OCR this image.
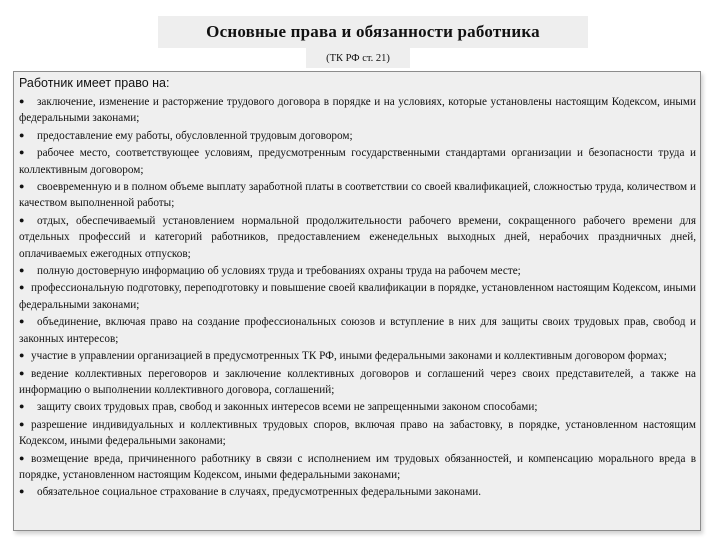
Основные права и обязанности работника
(ТК РФ ст. 21)
Работник имеет право на:
● заключение, изменение и расторжение трудового договора в порядке и на условиях, которые установлены настоящим Кодексом, иными федеральными законами;
● предоставление ему работы, обусловленной трудовым договором;
● рабочее место, соответствующее условиям, предусмотренным государственными стандартами организации и безопасности труда и коллективным договором;
● своевременную и в полном объеме выплату заработной платы в соответствии со своей квалификацией, сложностью труда, количеством и качеством выполненной работы;
● отдых, обеспечиваемый установлением нормальной продолжительности рабочего времени, сокращенного рабочего времени для отдельных профессий и категорий работников, предоставлением еженедельных выходных дней, нерабочих праздничных дней, оплачиваемых ежегодных отпусков;
● полную достоверную информацию об условиях труда и требованиях охраны труда на рабочем месте;
● профессиональную подготовку, переподготовку и повышение своей квалификации в порядке, установленном настоящим Кодексом, иными федеральными законами;
● объединение, включая право на создание профессиональных союзов и вступление в них для защиты своих трудовых прав, свобод и законных интересов;
● участие в управлении организацией в предусмотренных ТК РФ, иными федеральными законами и коллективным договором формах;
● ведение коллективных переговоров и заключение коллективных договоров и соглашений через своих представителей, а также на информацию о выполнении коллективного договора, соглашений;
● защиту своих трудовых прав, свобод и законных интересов всеми не запрещенными законом способами;
● разрешение индивидуальных и коллективных трудовых споров, включая право на забастовку, в порядке, установленном настоящим Кодексом, иными федеральными законами;
● возмещение вреда, причиненного работнику в связи с исполнением им трудовых обязанностей, и компенсацию морального вреда в порядке, установленном настоящим Кодексом, иными федеральными законами;
● обязательное социальное страхование в случаях, предусмотренных федеральными законами.
